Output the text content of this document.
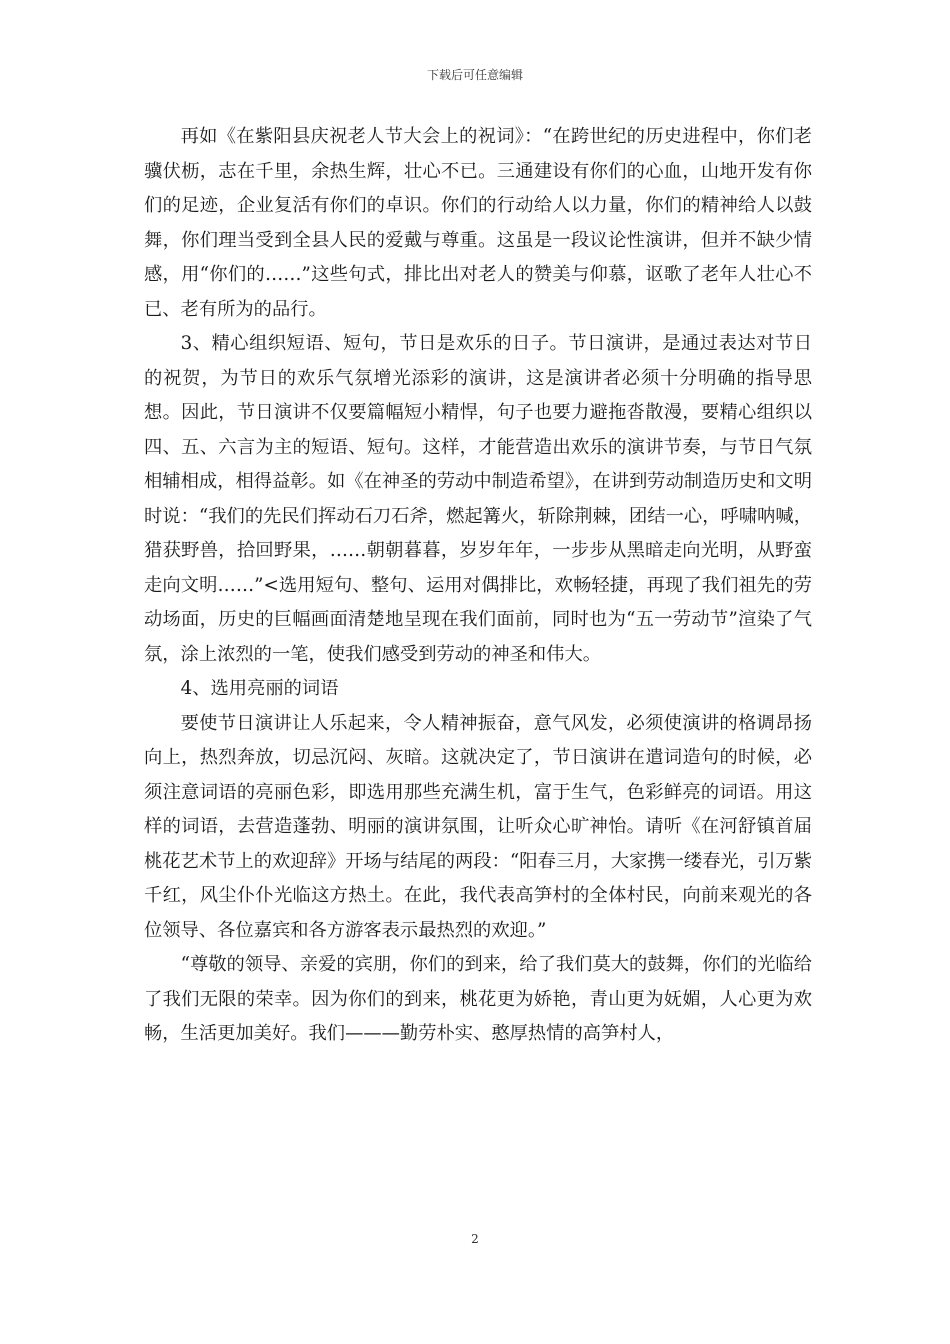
下载后可任意编辑

再如《在紫阳县庆祝老人节大会上的祝词》：“在跨世纪的历史进程中，你们老骥伏枥，志在千里，余热生辉，壮心不已。三通建设有你们的心血，山地开发有你们的足迹，企业复活有你们的卓识。你们的行动给人以力量，你们的精神给人以鼓舞，你们理当受到全县人民的爱戴与尊重。这虽是一段议论性演讲，但并不缺少情感，用“你们的……”这些句式，排比出对老人的赞美与仰慕，讴歌了老年人壮心不已、老有所为的品行。

3、精心组织短语、短句，节日是欢乐的日子。节日演讲，是通过表达对节日的祝贺，为节日的欢乐气氛增光添彩的演讲，这是演讲者必须十分明确的指导思想。因此，节日演讲不仅要篇幅短小精悍，句子也要力避拖沓散漫，要精心组织以四、五、六言为主的短语、短句。这样，才能营造出欢乐的演讲节奏，与节日气氛相辅相成，相得益彰。如《在神圣的劳动中制造希望》，在讲到劳动制造历史和文明时说：“我们的先民们挥动石刀石斧，燃起篝火，斩除荆棘，团结一心，呼啸呐喊，猎获野兽，拾回野果，……朝朝暮暮，岁岁年年，一步步从黑暗走向光明，从野蛮走向文明……”<选用短句、整句、运用对偶排比，欢畅轻捷，再现了我们祖先的劳动场面，历史的巨幅画面清楚地呈现在我们面前，同时也为“五一劳动节”渲染了气氛，涂上浓烈的一笔，使我们感受到劳动的神圣和伟大。

4、选用亮丽的词语

要使节日演讲让人乐起来，令人精神振奋，意气风发，必须使演讲的格调昂扬向上，热烈奔放，切忌沉闷、灰暗。这就决定了，节日演讲在遣词造句的时候，必须注意词语的亮丽色彩，即选用那些充满生机，富于生气，色彩鲜亮的词语。用这样的词语，去营造蓬勃、明丽的演讲氛围，让听众心旷神怡。请听《在河舒镇首届桃花艺术节上的欢迎辞》开场与结尾的两段：“阳春三月，大家携一缕春光，引万紫千红，风尘仆仆光临这方热土。在此，我代表高笋村的全体村民，向前来观光的各位领导、各位嘉宾和各方游客表示最热烈的欢迎。”

“尊敬的领导、亲爱的宾朋，你们的到来，给了我们莫大的鼓舞，你们的光临给了我们无限的荣幸。因为你们的到来，桃花更为娇艳，青山更为妩媚，人心更为欢畅，生活更加美好。我们———勤劳朴实、憨厚热情的高笋村人，

2
